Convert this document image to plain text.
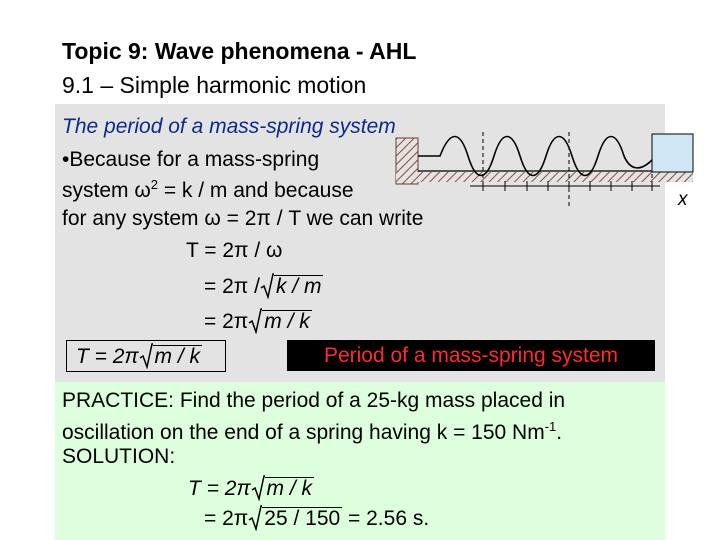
Topic 9: Wave phenomena - AHL
9.1 – Simple harmonic motion
x
The period of a mass-spring system
•Because for a mass-spring
system $\omega^2 = k / m$ and because
for any system ω = 2π / T we can write
T = 2π / ω
= 2π / k / m
= 2π m / k
T = 2π m / k	Period of a mass-spring system
PRACTICE: Find the period of a 25-kg mass placed in
oscillation on the end of a spring having k = 150 $Nm^{-1}$.
SOLUTION:
T = 2π m / k
= 2π 25 / 150 = 2.56 s.
